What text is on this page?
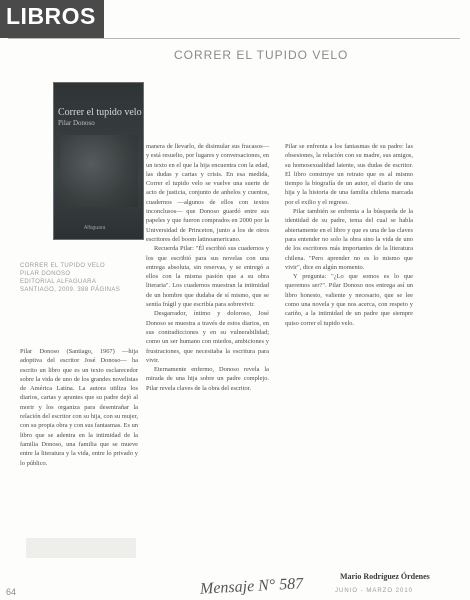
LIBROS
CORRER EL TUPIDO VELO
Correr el tupido velo
Pilar Donoso
Alfaguara
CORRER EL TUPIDO VELO
PILAR DONOSO
EDITORIAL ALFAGUARA
SANTIAGO, 2009. 388 PÁGINAS

Pilar Donoso (Santiago, 1967) —hija adoptiva del escritor José Donoso— ha escrito un libro que es un texto esclarecedor sobre la vida de uno de los grandes novelistas de América Latina. La autora utiliza los diarios, cartas y apuntes que su padre dejó al morir y los organiza para desentrañar la relación del escritor con su hija, con su mujer, con su propia obra y con sus fantasmas. Es un libro que se adentra en la intimidad de la familia Donoso, una familia que se mueve entre la literatura y la vida, entre lo privado y lo público.

manera de llevarlo, de disimular sus fracasos— y está resuelto, por lugares y conversaciones, en un texto en el que la hija encuentra con la edad, las dudas y cartas y crisis. En esa medida, Correr el tupido velo se vuelve una suerte de acto de justicia, conjunto de anhelos y cuentos, cuadernos —algunos de ellos con textos inconclusos— que Donoso guardó entre sus papeles y que fueron comprados en 2000 por la Universidad de Princeton, junto a los de otros escritores del boom latinoamericano.

Recuerda Pilar: "Él escribió sus cuadernos y los que escribió para sus novelas con una entrega absoluta, sin reservas, y se entregó a ellos con la misma pasión que a su obra literaria". Los cuadernos muestran la intimidad de un hombre que dudaba de sí mismo, que se sentía frágil y que escribía para sobrevivir.

Desgarrador, íntimo y doloroso, José Donoso se muestra a través de estos diarios, en sus contradicciones y en su vulnerabilidad; como un ser humano con miedos, ambiciones y frustraciones, que necesitaba la escritura para vivir.

Eternamente enfermo, Donoso revela la mirada de una hija sobre un padre complejo. Pilar revela claves de la obra del escritor.

Pilar se enfrenta a los fantasmas de su padre: las obsesiones, la relación con su madre, sus amigos, su homosexualidad latente, sus dudas de escritor. El libro construye un retrato que es al mismo tiempo la biografía de un autor, el diario de una hija y la historia de una familia chilena marcada por el exilio y el regreso.

Pilar también se enfrenta a la búsqueda de la identidad de su padre, tema del cual se habla abiertamente en el libro y que es una de las claves para entender no solo la obra sino la vida de uno de los escritores más importantes de la literatura chilena. "Pero aprender no es lo mismo que vivir", dice en algún momento.

Y pregunta: "¿Lo que somos es lo que queremos ser?". Pilar Donoso nos entrega así un libro honesto, valiente y necesario, que se lee como una novela y que nos acerca, con respeto y cariño, a la intimidad de un padre que siempre quiso correr el tupido velo.

Mario Rodríguez Órdenes
64	Mensaje N° 587	JUNIO - MARZO 2010
